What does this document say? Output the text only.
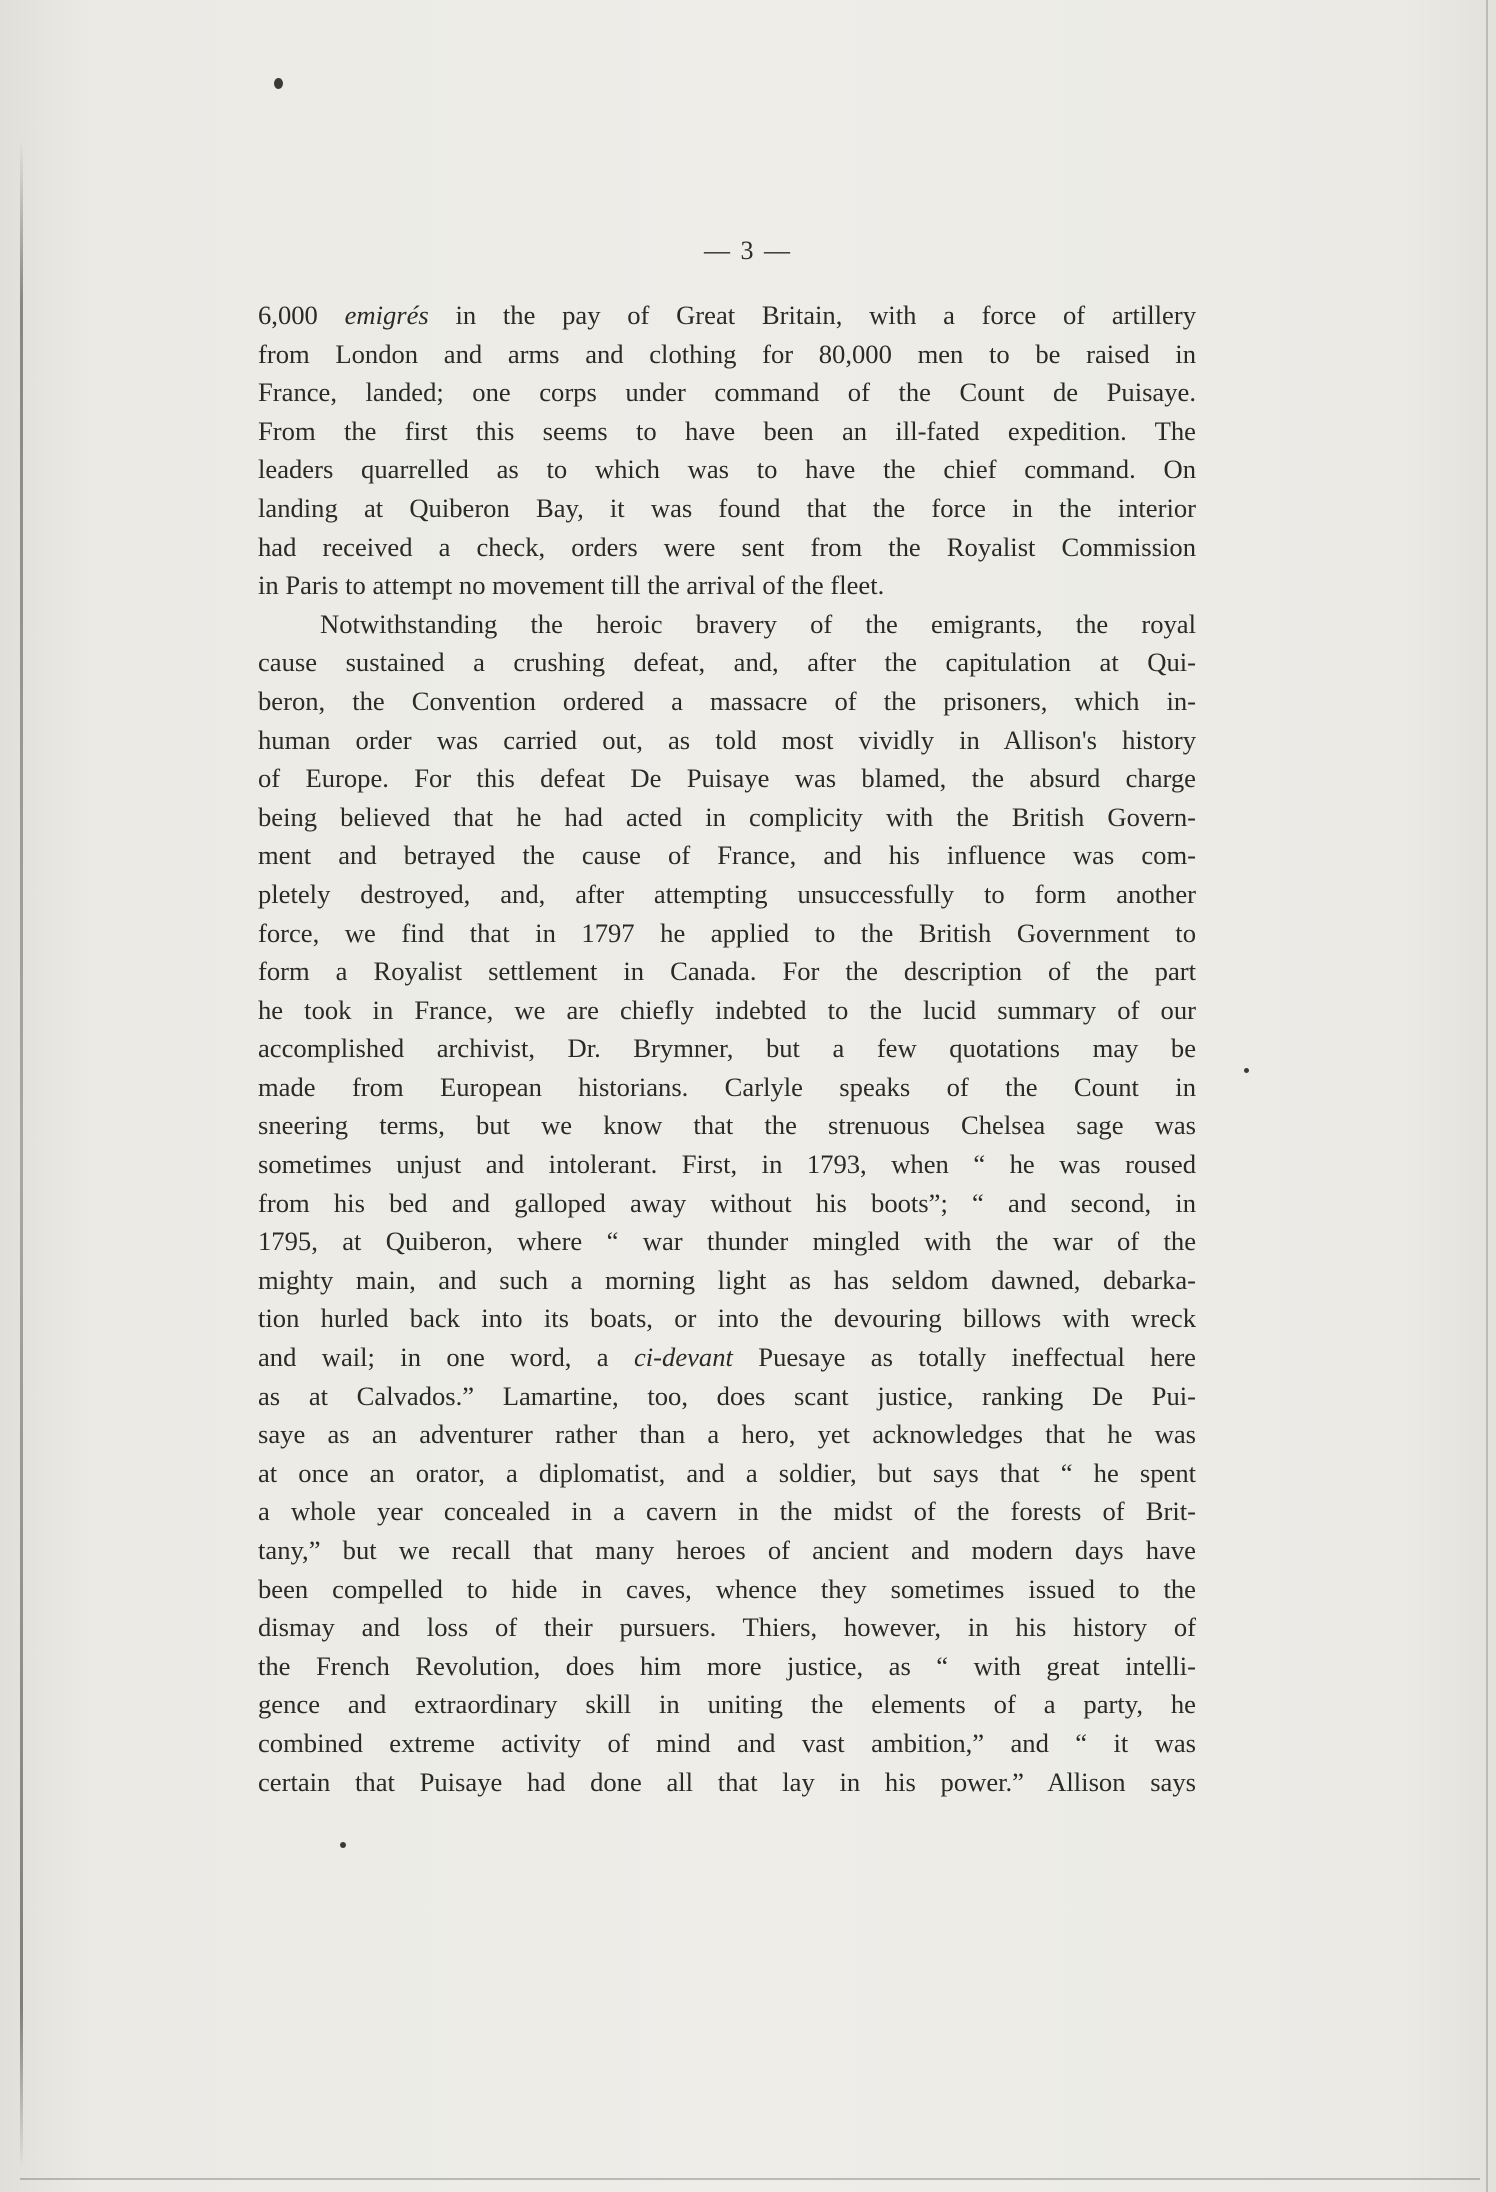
— 3 —
6,000 emigrés in the pay of Great Britain, with a force of artillery
from London and arms and clothing for 80,000 men to be raised in
France, landed; one corps under command of the Count de Puisaye.
From the first this seems to have been an ill-fated expedition. The
leaders quarrelled as to which was to have the chief command. On
landing at Quiberon Bay, it was found that the force in the interior
had received a check, orders were sent from the Royalist Commission
in Paris to attempt no movement till the arrival of the fleet.
Notwithstanding the heroic bravery of the emigrants, the royal
cause sustained a crushing defeat, and, after the capitulation at Qui-
beron, the Convention ordered a massacre of the prisoners, which in-
human order was carried out, as told most vividly in Allison's history
of Europe. For this defeat De Puisaye was blamed, the absurd charge
being believed that he had acted in complicity with the British Govern-
ment and betrayed the cause of France, and his influence was com-
pletely destroyed, and, after attempting unsuccessfully to form another
force, we find that in 1797 he applied to the British Government to
form a Royalist settlement in Canada. For the description of the part
he took in France, we are chiefly indebted to the lucid summary of our
accomplished archivist, Dr. Brymner, but a few quotations may be
made from European historians. Carlyle speaks of the Count in
sneering terms, but we know that the strenuous Chelsea sage was
sometimes unjust and intolerant. First, in 1793, when “ he was roused
from his bed and galloped away without his boots”; “ and second, in
1795, at Quiberon, where “ war thunder mingled with the war of the
mighty main, and such a morning light as has seldom dawned, debarka-
tion hurled back into its boats, or into the devouring billows with wreck
and wail; in one word, a ci-devant Puesaye as totally ineffectual here
as at Calvados.” Lamartine, too, does scant justice, ranking De Pui-
saye as an adventurer rather than a hero, yet acknowledges that he was
at once an orator, a diplomatist, and a soldier, but says that “ he spent
a whole year concealed in a cavern in the midst of the forests of Brit-
tany,” but we recall that many heroes of ancient and modern days have
been compelled to hide in caves, whence they sometimes issued to the
dismay and loss of their pursuers. Thiers, however, in his history of
the French Revolution, does him more justice, as “ with great intelli-
gence and extraordinary skill in uniting the elements of a party, he
combined extreme activity of mind and vast ambition,” and “ it was
certain that Puisaye had done all that lay in his power.” Allison says
